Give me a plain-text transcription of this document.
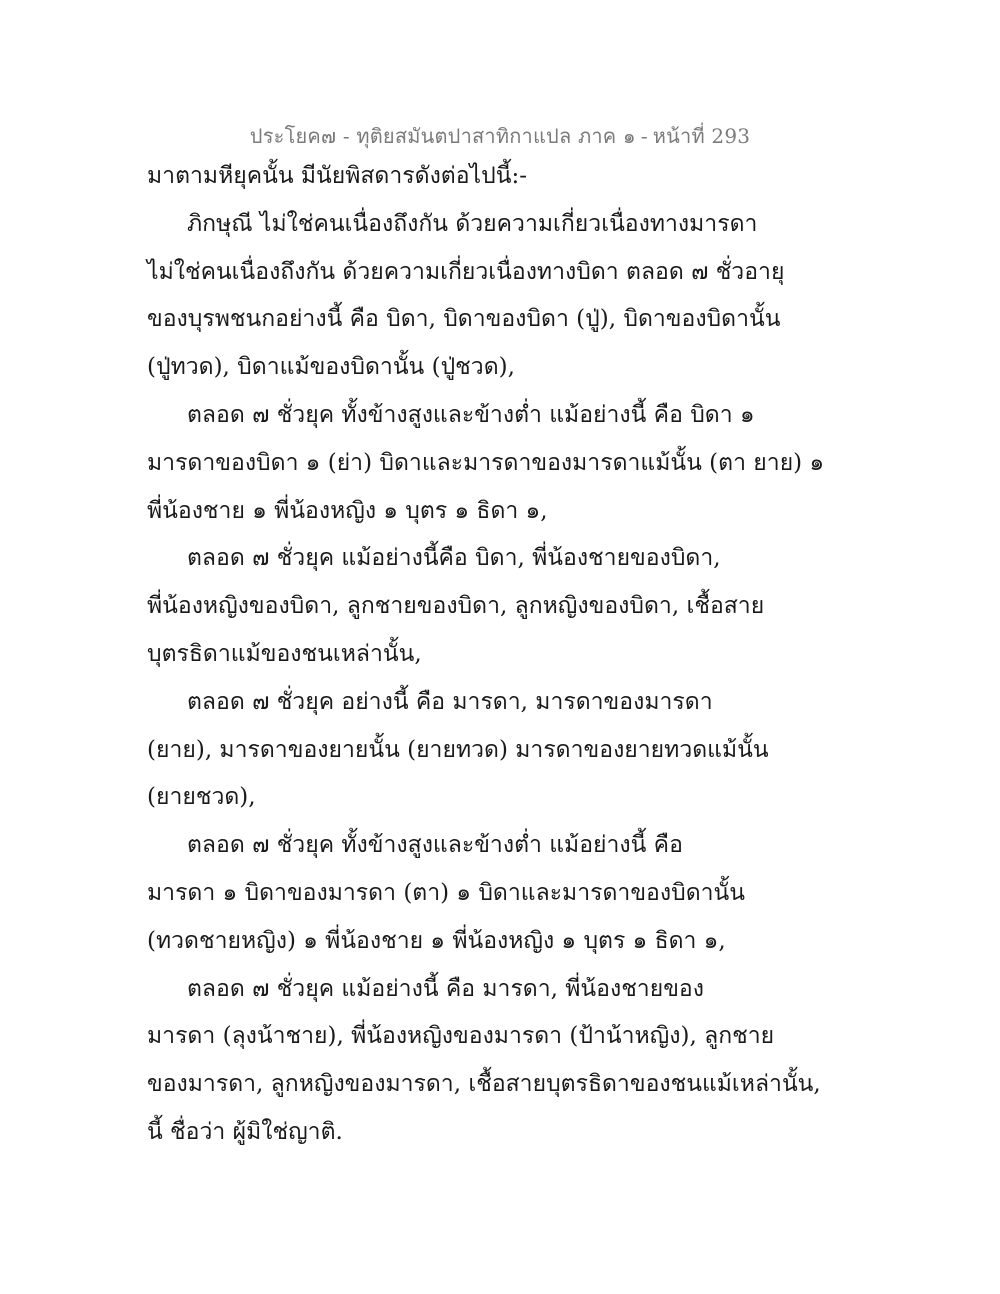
ประโยค๗ - ทุติยสมันตปาสาทิกาแปล ภาค ๑ - หน้าที่ 293
มาตามหียุคนั้น มีนัยพิสดารดังต่อไปนี้:-
ภิกษุณี ไม่ใช่คนเนื่องถึงกัน ด้วยความเกี่ยวเนื่องทางมารดา
ไม่ใช่คนเนื่องถึงกัน ด้วยความเกี่ยวเนื่องทางบิดา ตลอด ๗ ชั่วอายุ
ของบุรพชนกอย่างนี้ คือ บิดา, บิดาของบิดา (ปู่), บิดาของบิดานั้น
(ปู่ทวด), บิดาแม้ของบิดานั้น (ปู่ชวด),
ตลอด ๗ ชั่วยุค ทั้งข้างสูงและข้างต่ำ แม้อย่างนี้ คือ บิดา ๑
มารดาของบิดา ๑ (ย่า) บิดาและมารดาของมารดาแม้นั้น (ตา ยาย) ๑
พี่น้องชาย ๑ พี่น้องหญิง ๑ บุตร ๑ ธิดา ๑,
ตลอด ๗ ชั่วยุค แม้อย่างนี้คือ บิดา, พี่น้องชายของบิดา,
พี่น้องหญิงของบิดา, ลูกชายของบิดา, ลูกหญิงของบิดา, เชื้อสาย
บุตรธิดาแม้ของชนเหล่านั้น,
ตลอด ๗ ชั่วยุค อย่างนี้ คือ มารดา, มารดาของมารดา
(ยาย), มารดาของยายนั้น (ยายทวด) มารดาของยายทวดแม้นั้น
(ยายชวด),
ตลอด ๗ ชั่วยุค ทั้งข้างสูงและข้างต่ำ แม้อย่างนี้ คือ
มารดา ๑ บิดาของมารดา (ตา) ๑ บิดาและมารดาของบิดานั้น
(ทวดชายหญิง) ๑ พี่น้องชาย ๑ พี่น้องหญิง ๑ บุตร ๑ ธิดา ๑,
ตลอด ๗ ชั่วยุค แม้อย่างนี้ คือ มารดา, พี่น้องชายของ
มารดา (ลุงน้าชาย), พี่น้องหญิงของมารดา (ป้าน้าหญิง), ลูกชาย
ของมารดา, ลูกหญิงของมารดา, เชื้อสายบุตรธิดาของชนแม้เหล่านั้น,
นี้ ชื่อว่า ผู้มิใช่ญาติ.
